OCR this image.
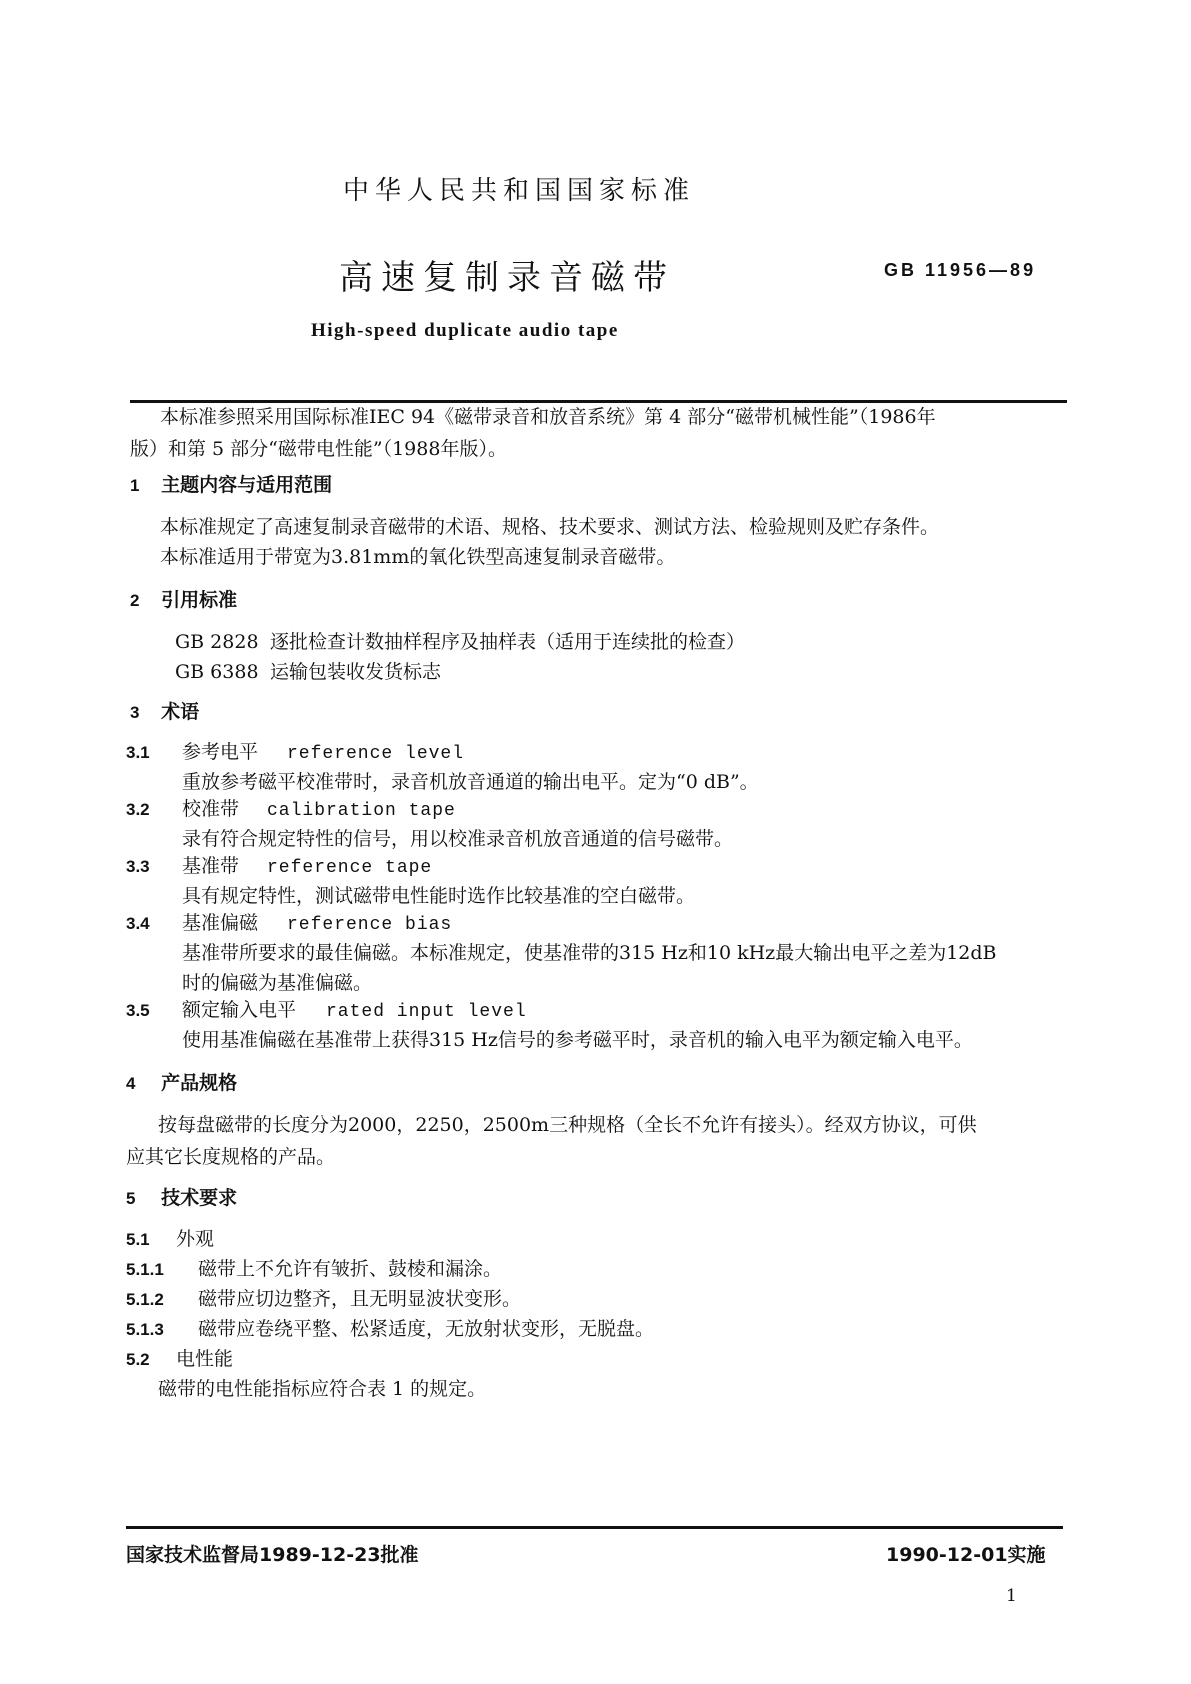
中华人民共和国国家标准
高速复制录音磁带	GB 11956—89
High-speed duplicate audio tape
本标准参照采用国际标准IEC 94《磁带录音和放音系统》第 4 部分“磁带机械性能”（1986年
版）和第 5 部分“磁带电性能”（1988年版）。
1 主题内容与适用范围
本标准规定了高速复制录音磁带的术语、规格、技术要求、测试方法、检验规则及贮存条件。
本标准适用于带宽为3.81mm的氧化铁型高速复制录音磁带。
2 引用标准
GB 2828 逐批检查计数抽样程序及抽样表（适用于连续批的检查）
GB 6388 运输包装收发货标志
3 术语
3.1 参考电平 reference level
重放参考磁平校准带时，录音机放音通道的输出电平。定为“0 dB”。
3.2 校准带 calibration tape
录有符合规定特性的信号，用以校准录音机放音通道的信号磁带。
3.3 基准带 reference tape
具有规定特性，测试磁带电性能时选作比较基准的空白磁带。
3.4 基准偏磁 reference bias
基准带所要求的最佳偏磁。本标准规定，使基准带的315 Hz和10 kHz最大输出电平之差为12dB
时的偏磁为基准偏磁。
3.5 额定输入电平 rated input level
使用基准偏磁在基准带上获得315 Hz信号的参考磁平时，录音机的输入电平为额定输入电平。
4 产品规格
按每盘磁带的长度分为2000，2250，2500m三种规格（全长不允许有接头）。经双方协议，可供
应其它长度规格的产品。
5 技术要求
5.1 外观
5.1.1 磁带上不允许有皱折、鼓棱和漏涂。
5.1.2 磁带应切边整齐，且无明显波状变形。
5.1.3 磁带应卷绕平整、松紧适度，无放射状变形，无脱盘。
5.2 电性能
磁带的电性能指标应符合表 1 的规定。
国家技术监督局1989-12-23批准	1990-12-01实施
1
